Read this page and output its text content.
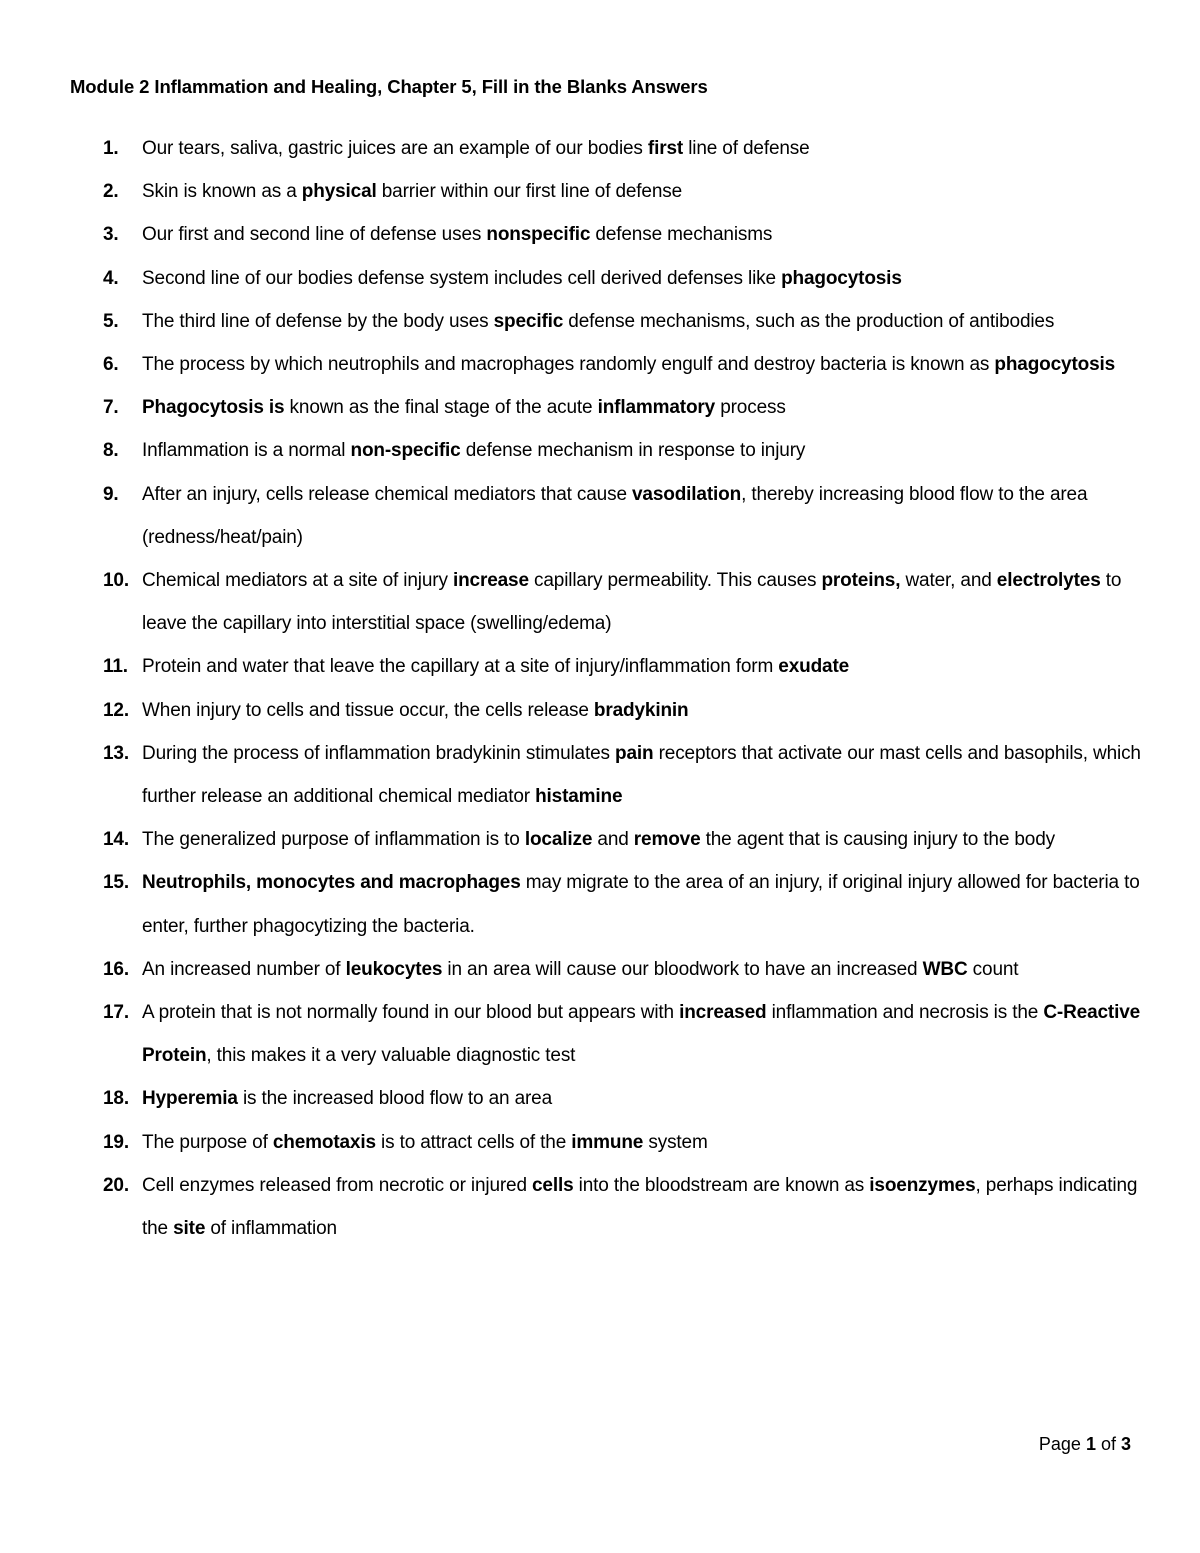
Module 2 Inflammation and Healing, Chapter 5, Fill in the Blanks Answers
1. Our tears, saliva, gastric juices are an example of our bodies first line of defense
2. Skin is known as a physical barrier within our first line of defense
3. Our first and second line of defense uses nonspecific defense mechanisms
4. Second line of our bodies defense system includes cell derived defenses like phagocytosis
5. The third line of defense by the body uses specific defense mechanisms, such as the production of antibodies
6. The process by which neutrophils and macrophages randomly engulf and destroy bacteria is known as phagocytosis
7. Phagocytosis is known as the final stage of the acute inflammatory process
8. Inflammation is a normal non-specific defense mechanism in response to injury
9. After an injury, cells release chemical mediators that cause vasodilation, thereby increasing blood flow to the area (redness/heat/pain)
10. Chemical mediators at a site of injury increase capillary permeability. This causes proteins, water, and electrolytes to leave the capillary into interstitial space (swelling/edema)
11. Protein and water that leave the capillary at a site of injury/inflammation form exudate
12. When injury to cells and tissue occur, the cells release bradykinin
13. During the process of inflammation bradykinin stimulates pain receptors that activate our mast cells and basophils, which further release an additional chemical mediator histamine
14. The generalized purpose of inflammation is to localize and remove the agent that is causing injury to the body
15. Neutrophils, monocytes and macrophages may migrate to the area of an injury, if original injury allowed for bacteria to enter, further phagocytizing the bacteria.
16. An increased number of leukocytes in an area will cause our bloodwork to have an increased WBC count
17. A protein that is not normally found in our blood but appears with increased inflammation and necrosis is the C-Reactive Protein, this makes it a very valuable diagnostic test
18. Hyperemia is the increased blood flow to an area
19. The purpose of chemotaxis is to attract cells of the immune system
20. Cell enzymes released from necrotic or injured cells into the bloodstream are known as isoenzymes, perhaps indicating the site of inflammation
Page 1 of 3
